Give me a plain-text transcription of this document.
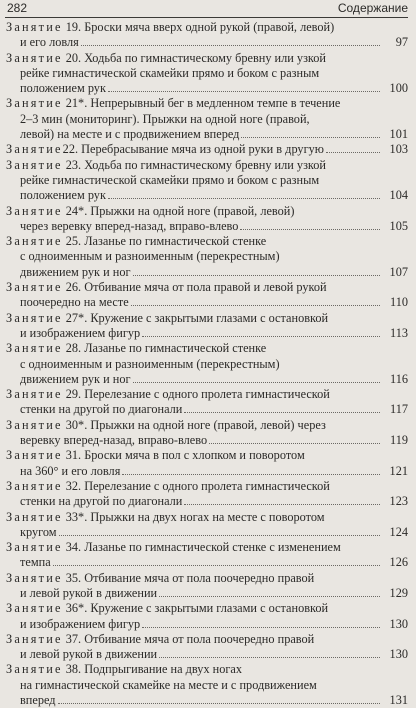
282	Содержание
Занятие 19. Броски мяча вверх одной рукой (правой, левой)
и его ловля	97
Занятие 20. Ходьба по гимнастическому бревну или узкой
рейке гимнастической скамейки прямо и боком с разным
положением рук	100
Занятие 21*. Непрерывный бег в медленном темпе в течение
2–3 мин (мониторинг). Прыжки на одной ноге (правой,
левой) на месте и с продвижением вперед	101
Занятие 22. Перебрасывание мяча из одной руки в другую	103
Занятие 23. Ходьба по гимнастическому бревну или узкой
рейке гимнастической скамейки прямо и боком с разным
положением рук	104
Занятие 24*. Прыжки на одной ноге (правой, левой)
через веревку вперед-назад, вправо-влево	105
Занятие 25. Лазанье по гимнастической стенке
с одноименным и разноименным (перекрестным)
движением рук и ног	107
Занятие 26. Отбивание мяча от пола правой и левой рукой
поочередно на месте	110
Занятие 27*. Кружение с закрытыми глазами с остановкой
и изображением фигур	113
Занятие 28. Лазанье по гимнастической стенке
с одноименным и разноименным (перекрестным)
движением рук и ног	116
Занятие 29. Перелезание с одного пролета гимнастической
стенки на другой по диагонали	117
Занятие 30*. Прыжки на одной ноге (правой, левой) через
веревку вперед-назад, вправо-влево	119
Занятие 31. Броски мяча в пол с хлопком и поворотом
на 360° и его ловля	121
Занятие 32. Перелезание с одного пролета гимнастической
стенки на другой по диагонали	123
Занятие 33*. Прыжки на двух ногах на месте с поворотом
кругом	124
Занятие 34. Лазанье по гимнастической стенке с изменением
темпа	126
Занятие 35. Отбивание мяча от пола поочередно правой
и левой рукой в движении	129
Занятие 36*. Кружение с закрытыми глазами с остановкой
и изображением фигур	130
Занятие 37. Отбивание мяча от пола поочередно правой
и левой рукой в движении	130
Занятие 38. Подпрыгивание на двух ногах
на гимнастической скамейке на месте и с продвижением
вперед	131
